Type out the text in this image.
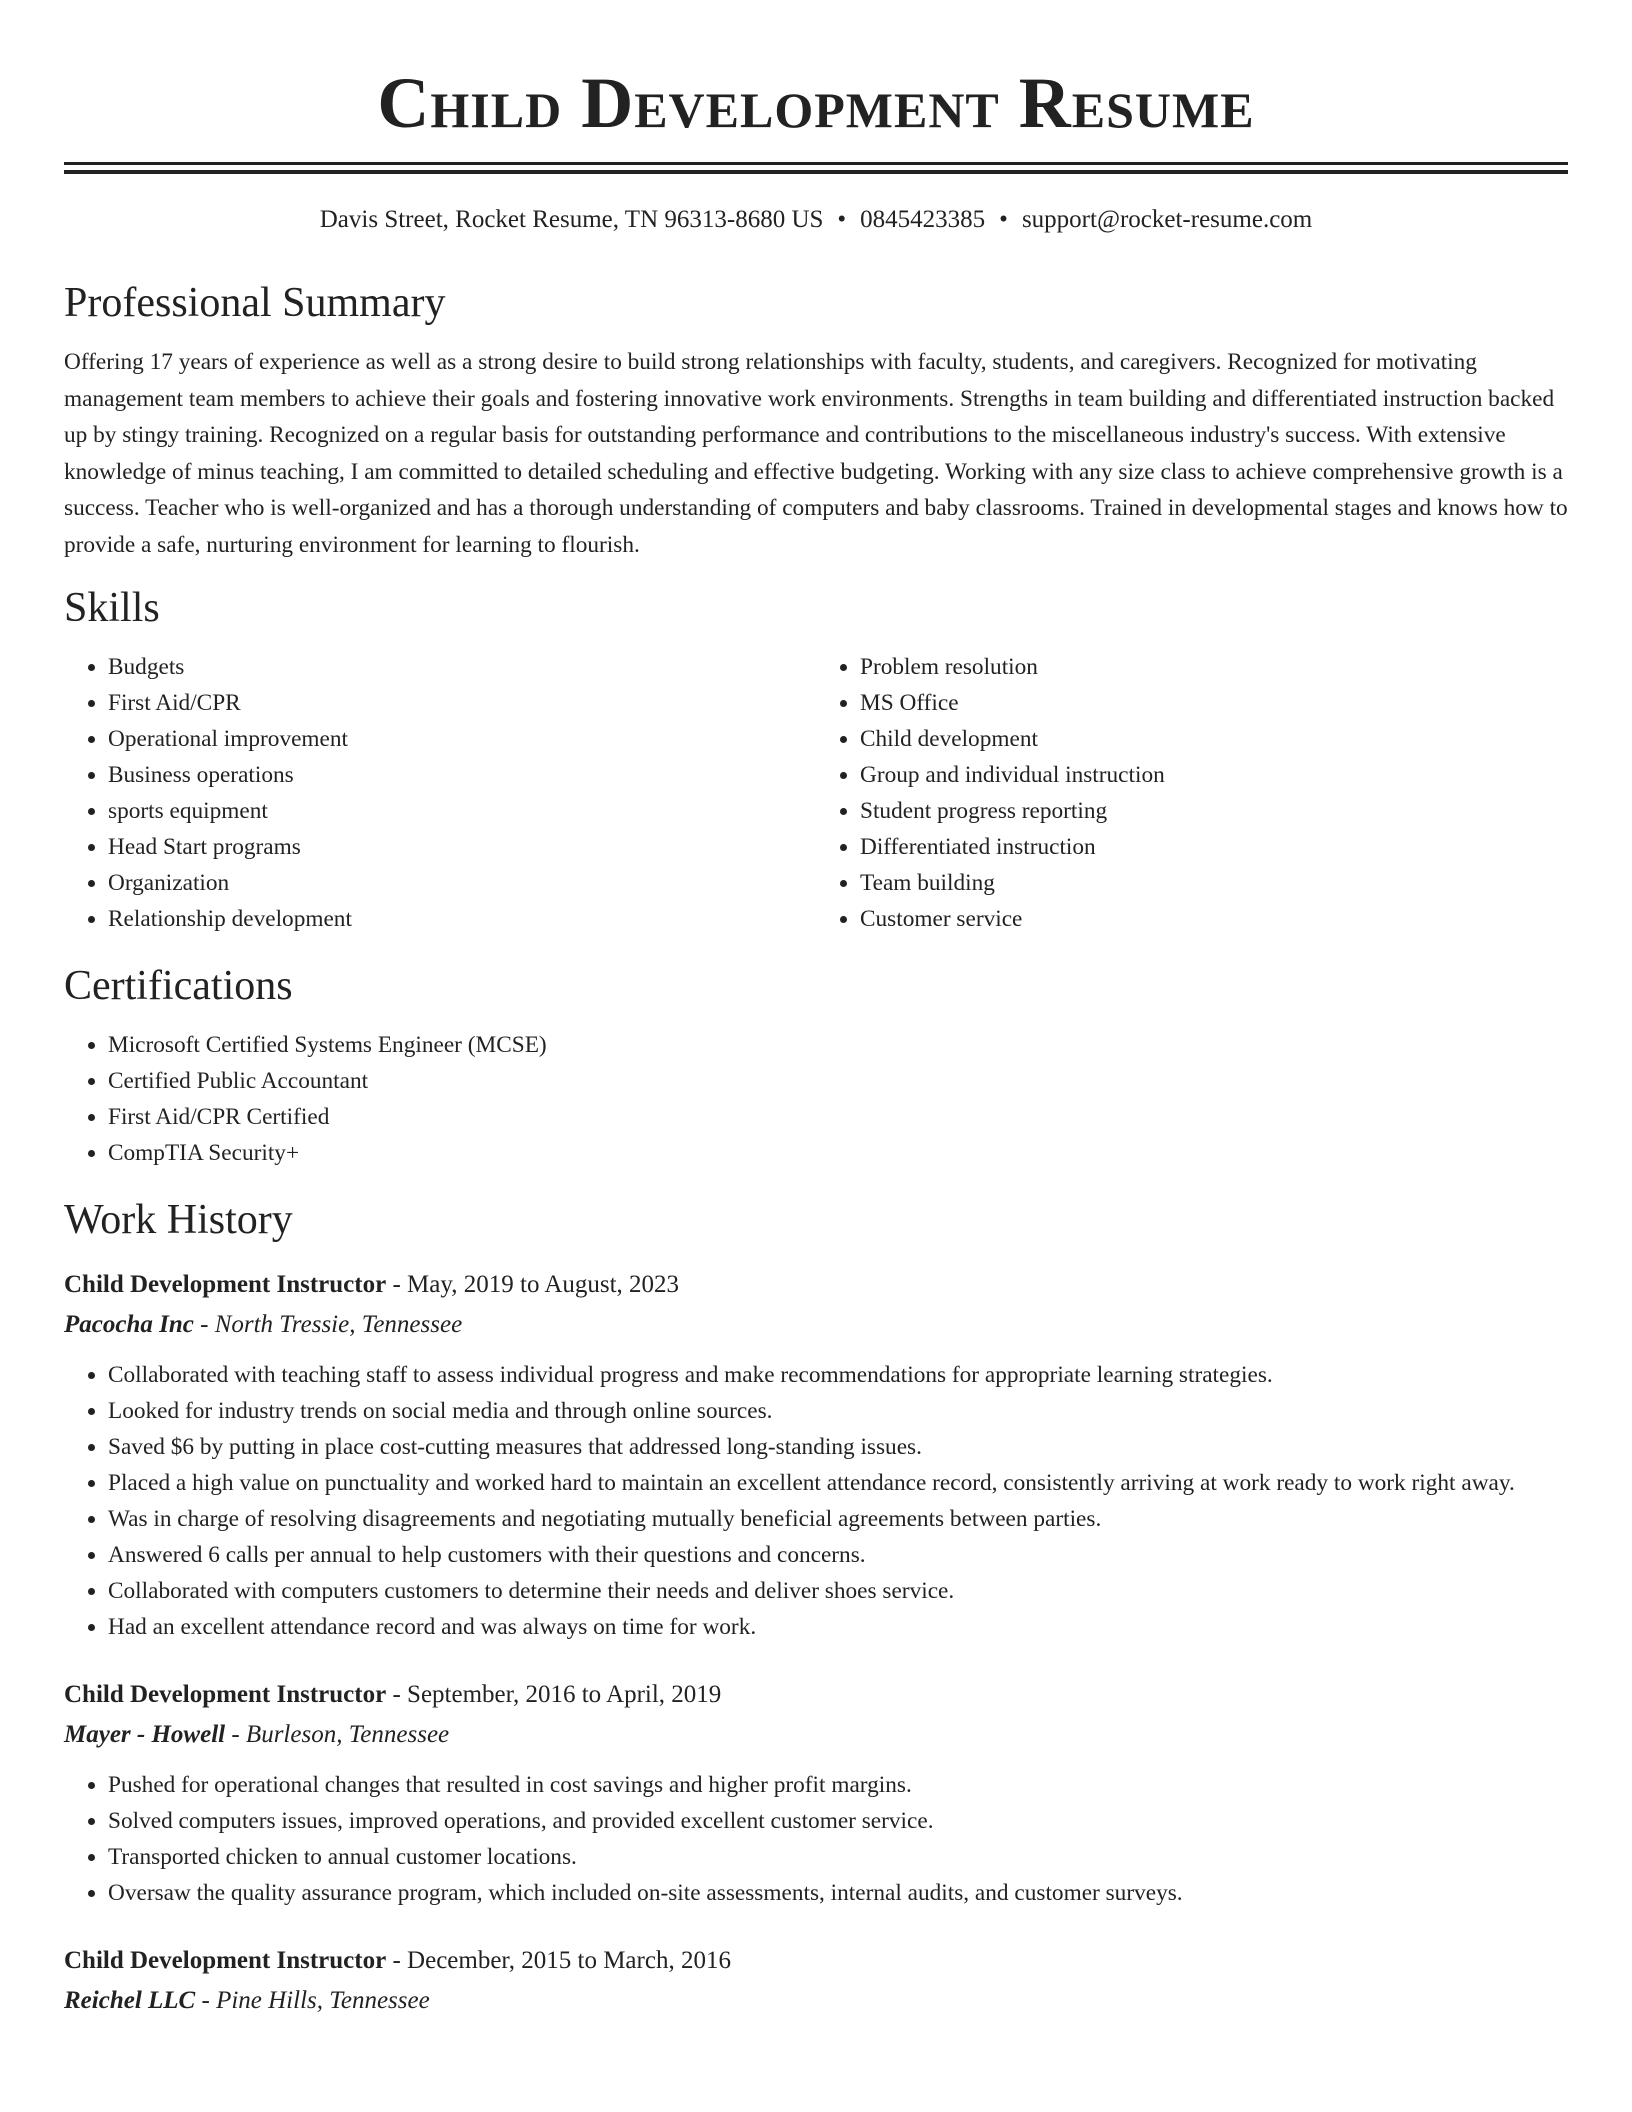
Child Development Resume
Davis Street, Rocket Resume, TN 96313-8680 US • 0845423385 • support@rocket-resume.com
Professional Summary

Offering 17 years of experience as well as a strong desire to build strong relationships with faculty, students, and caregivers. Recognized for motivating management team members to achieve their goals and fostering innovative work environments. Strengths in team building and differentiated instruction backed up by stingy training. Recognized on a regular basis for outstanding performance and contributions to the miscellaneous industry's success. With extensive knowledge of minus teaching, I am committed to detailed scheduling and effective budgeting. Working with any size class to achieve comprehensive growth is a success. Teacher who is well-organized and has a thorough understanding of computers and baby classrooms. Trained in developmental stages and knows how to provide a safe, nurturing environment for learning to flourish.

Skills
• Budgets
• First Aid/CPR
• Operational improvement
• Business operations
• sports equipment
• Head Start programs
• Organization
• Relationship development
• Problem resolution
• MS Office
• Child development
• Group and individual instruction
• Student progress reporting
• Differentiated instruction
• Team building
• Customer service
Certifications
• Microsoft Certified Systems Engineer (MCSE)
• Certified Public Accountant
• First Aid/CPR Certified
• CompTIA Security+
Work History
Child Development Instructor - May, 2019 to August, 2023
Pacocha Inc - North Tressie, Tennessee
• Collaborated with teaching staff to assess individual progress and make recommendations for appropriate learning strategies.
• Looked for industry trends on social media and through online sources.
• Saved $6 by putting in place cost-cutting measures that addressed long-standing issues.
• Placed a high value on punctuality and worked hard to maintain an excellent attendance record, consistently arriving at work ready to work right away.
• Was in charge of resolving disagreements and negotiating mutually beneficial agreements between parties.
• Answered 6 calls per annual to help customers with their questions and concerns.
• Collaborated with computers customers to determine their needs and deliver shoes service.
• Had an excellent attendance record and was always on time for work.
Child Development Instructor - September, 2016 to April, 2019
Mayer - Howell - Burleson, Tennessee
• Pushed for operational changes that resulted in cost savings and higher profit margins.
• Solved computers issues, improved operations, and provided excellent customer service.
• Transported chicken to annual customer locations.
• Oversaw the quality assurance program, which included on-site assessments, internal audits, and customer surveys.
Child Development Instructor - December, 2015 to March, 2016
Reichel LLC - Pine Hills, Tennessee
